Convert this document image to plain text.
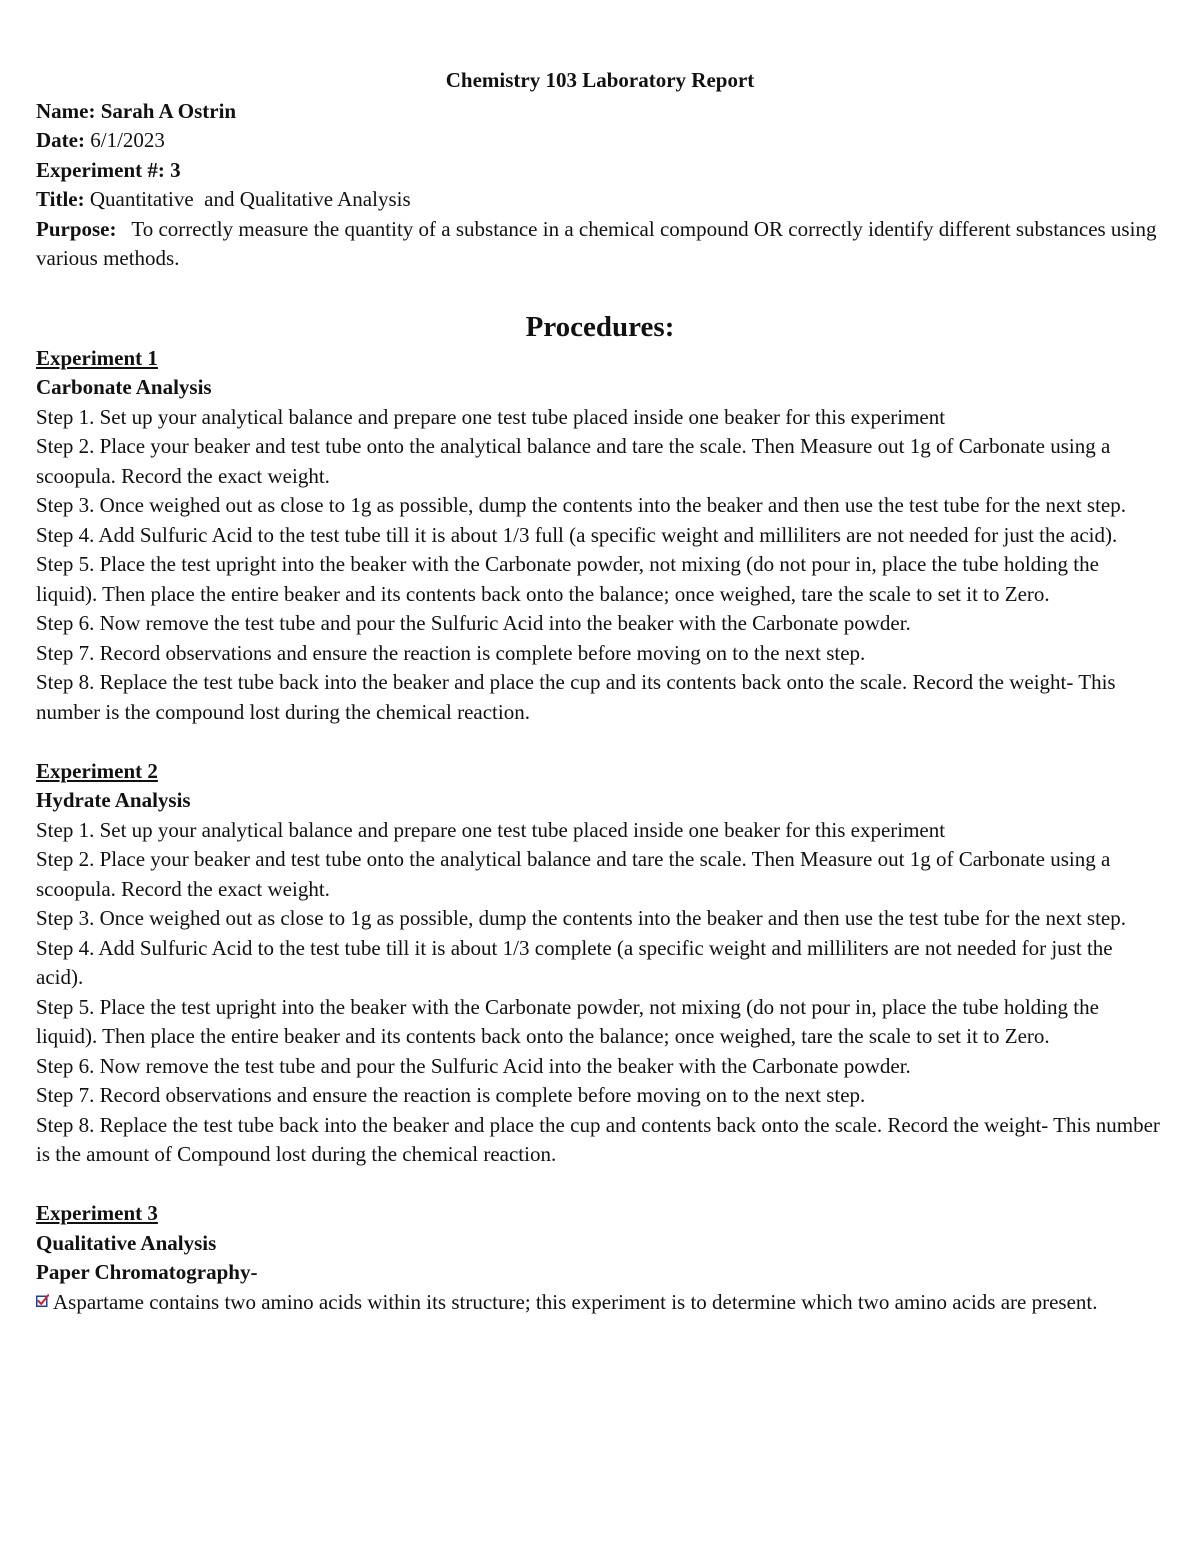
Chemistry 103 Laboratory Report
Name: Sarah A Ostrin
Date: 6/1/2023
Experiment #: 3
Title: Quantitative  and Qualitative Analysis
Purpose: To correctly measure the quantity of a substance in a chemical compound OR correctly identify different substances using various methods.
Procedures:
Experiment 1
Carbonate Analysis
Step 1. Set up your analytical balance and prepare one test tube placed inside one beaker for this experiment
Step 2. Place your beaker and test tube onto the analytical balance and tare the scale. Then Measure out 1g of Carbonate using a scoopula. Record the exact weight.
Step 3. Once weighed out as close to 1g as possible, dump the contents into the beaker and then use the test tube for the next step.
Step 4. Add Sulfuric Acid to the test tube till it is about 1/3 full (a specific weight and milliliters are not needed for just the acid).
Step 5. Place the test upright into the beaker with the Carbonate powder, not mixing (do not pour in, place the tube holding the liquid). Then place the entire beaker and its contents back onto the balance; once weighed, tare the scale to set it to Zero.
Step 6. Now remove the test tube and pour the Sulfuric Acid into the beaker with the Carbonate powder.
Step 7. Record observations and ensure the reaction is complete before moving on to the next step.
Step 8. Replace the test tube back into the beaker and place the cup and its contents back onto the scale. Record the weight- This number is the compound lost during the chemical reaction.
Experiment 2
Hydrate Analysis
Step 1. Set up your analytical balance and prepare one test tube placed inside one beaker for this experiment
Step 2. Place your beaker and test tube onto the analytical balance and tare the scale. Then Measure out 1g of Carbonate using a scoopula. Record the exact weight.
Step 3. Once weighed out as close to 1g as possible, dump the contents into the beaker and then use the test tube for the next step.
Step 4. Add Sulfuric Acid to the test tube till it is about 1/3 complete (a specific weight and milliliters are not needed for just the acid).
Step 5. Place the test upright into the beaker with the Carbonate powder, not mixing (do not pour in, place the tube holding the liquid). Then place the entire beaker and its contents back onto the balance; once weighed, tare the scale to set it to Zero.
Step 6. Now remove the test tube and pour the Sulfuric Acid into the beaker with the Carbonate powder.
Step 7. Record observations and ensure the reaction is complete before moving on to the next step.
Step 8. Replace the test tube back into the beaker and place the cup and contents back onto the scale. Record the weight- This number is the amount of Compound lost during the chemical reaction.
Experiment 3
Qualitative Analysis
Paper Chromatography-
Aspartame contains two amino acids within its structure; this experiment is to determine which two amino acids are present.
